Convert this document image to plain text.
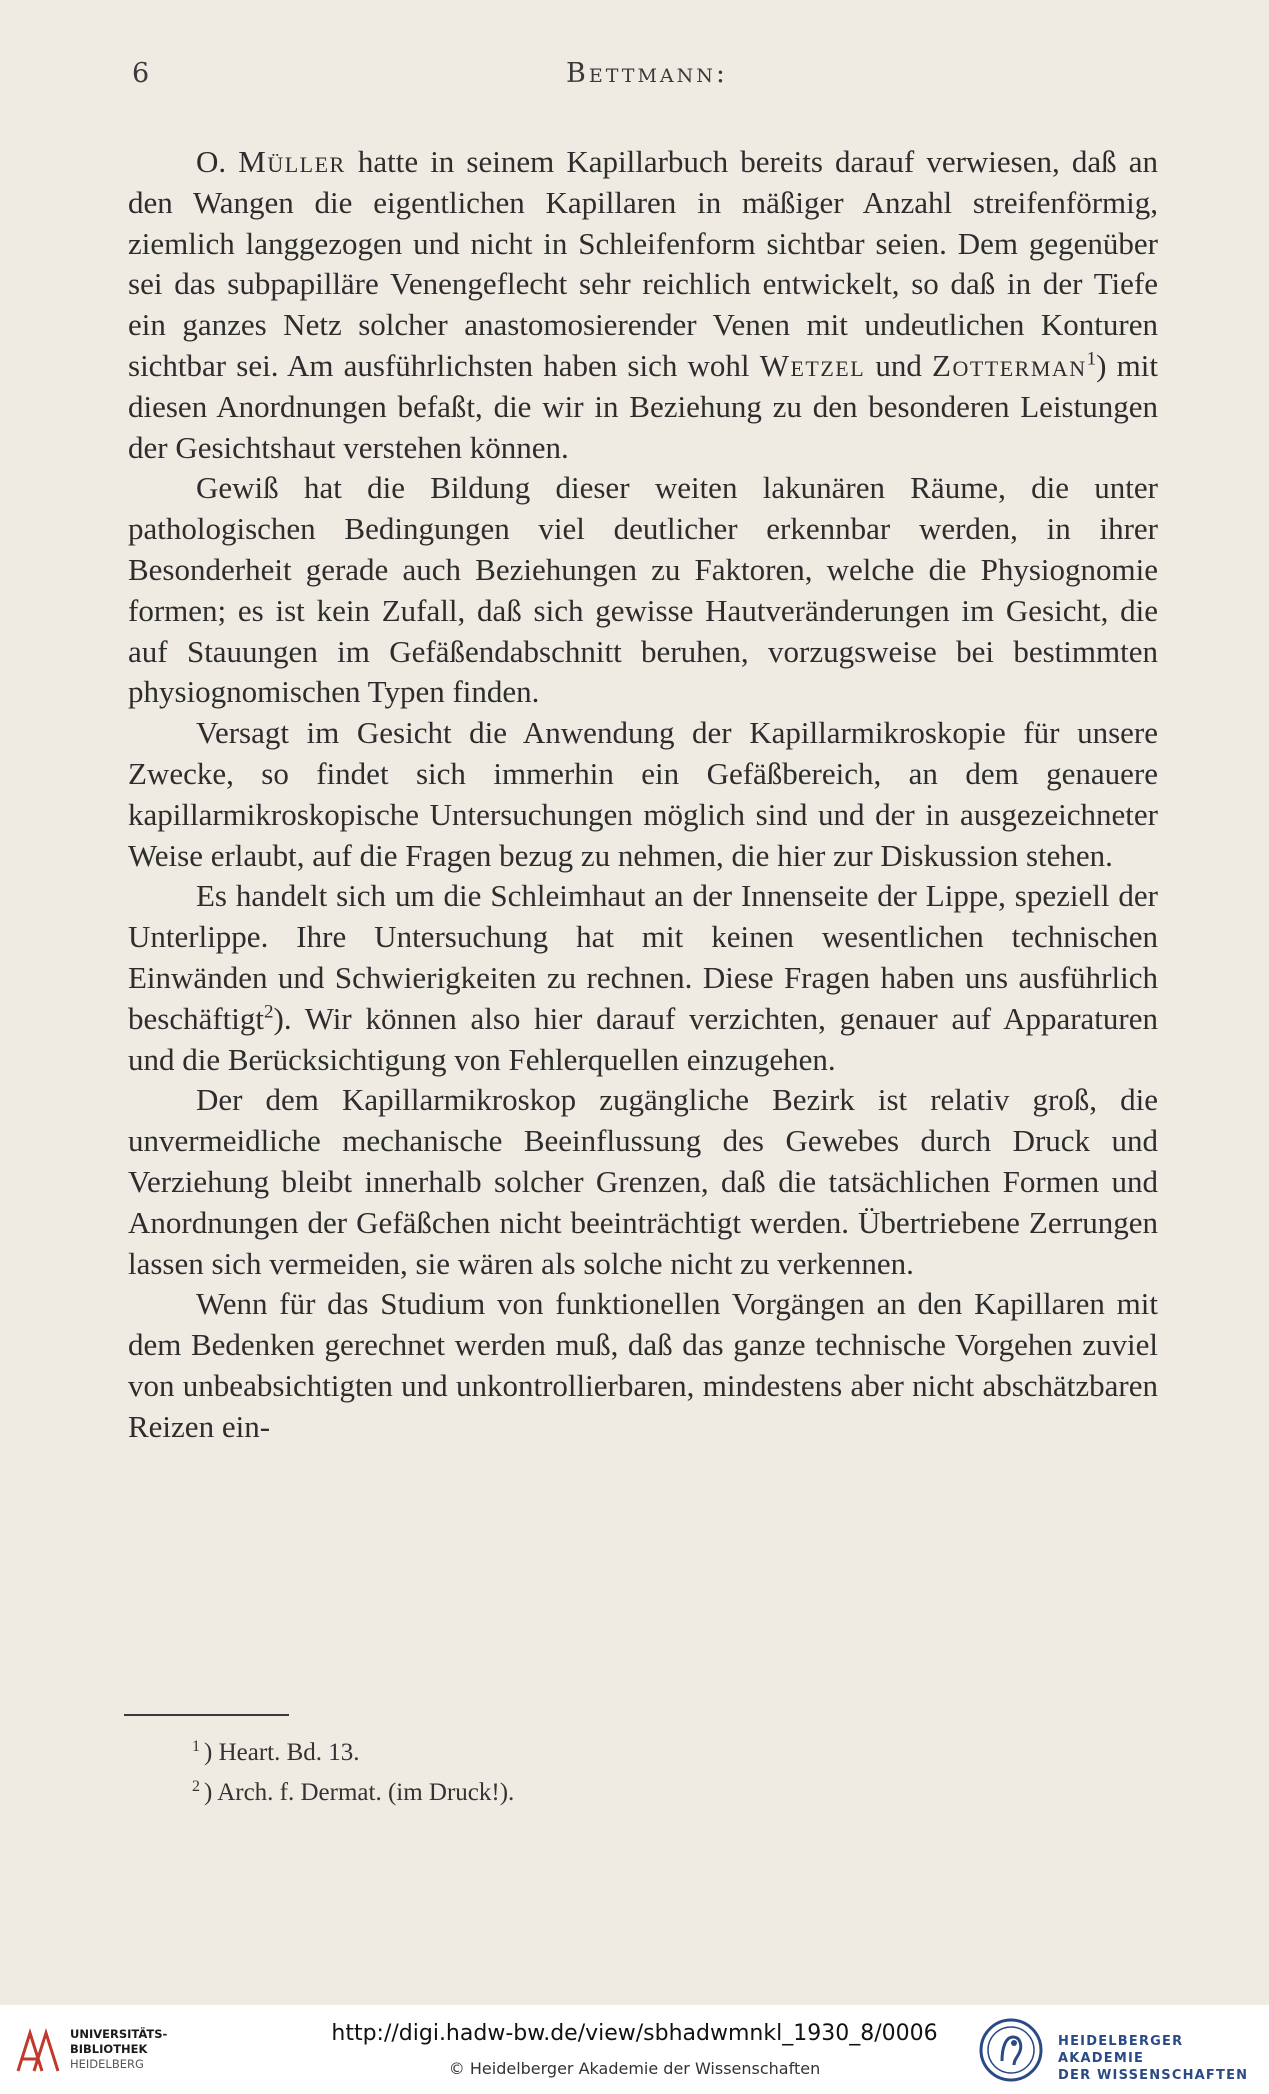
6	Bettmann:

O. Müller hatte in seinem Kapillarbuch bereits darauf verwiesen, daß an den Wangen die eigentlichen Kapillaren in mäßiger Anzahl streifenförmig, ziemlich langgezogen und nicht in Schleifenform sichtbar seien. Dem gegenüber sei das subpapilläre Venengeflecht sehr reichlich entwickelt, so daß in der Tiefe ein ganzes Netz solcher anastomosierender Venen mit undeutlichen Konturen sichtbar sei. Am ausführlichsten haben sich wohl Wetzel und Zotterman$^1$) mit diesen Anordnungen befaßt, die wir in Beziehung zu den besonderen Leistungen der Gesichtshaut verstehen können.

Gewiß hat die Bildung dieser weiten lakunären Räume, die unter pathologischen Bedingungen viel deutlicher erkennbar werden, in ihrer Besonderheit gerade auch Beziehungen zu Faktoren, welche die Physiognomie formen; es ist kein Zufall, daß sich gewisse Hautveränderungen im Gesicht, die auf Stauungen im Gefäßendabschnitt beruhen, vorzugsweise bei bestimmten physiognomischen Typen finden.

Versagt im Gesicht die Anwendung der Kapillarmikroskopie für unsere Zwecke, so findet sich immerhin ein Gefäßbereich, an dem genauere kapillarmikroskopische Untersuchungen möglich sind und der in ausgezeichneter Weise erlaubt, auf die Fragen bezug zu nehmen, die hier zur Diskussion stehen.

Es handelt sich um die Schleimhaut an der Innenseite der Lippe, speziell der Unterlippe. Ihre Untersuchung hat mit keinen wesentlichen technischen Einwänden und Schwierigkeiten zu rechnen. Diese Fragen haben uns ausführlich beschäftigt$^2$). Wir können also hier darauf verzichten, genauer auf Apparaturen und die Berücksichtigung von Fehlerquellen einzugehen.

Der dem Kapillarmikroskop zugängliche Bezirk ist relativ groß, die unvermeidliche mechanische Beeinflussung des Gewebes durch Druck und Verziehung bleibt innerhalb solcher Grenzen, daß die tatsächlichen Formen und Anordnungen der Gefäßchen nicht beeinträchtigt werden. Übertriebene Zerrungen lassen sich vermeiden, sie wären als solche nicht zu verkennen.

Wenn für das Studium von funktionellen Vorgängen an den Kapillaren mit dem Bedenken gerechnet werden muß, daß das ganze technische Vorgehen zuviel von unbeabsichtigten und unkontrollierbaren, mindestens aber nicht abschätzbaren Reizen ein-

$^1$ ) Heart. Bd. 13.
$^2$ ) Arch. f. Dermat. (im Druck!).
UNIVERSITÄTS-
BIBLIOTHEK
HEIDELBERG
http://digi.hadw-bw.de/view/sbhadwmnkl_1930_8/0006
© Heidelberger Akademie der Wissenschaften
HEIDELBERGER AKADEMIE
DER WISSENSCHAFTEN
